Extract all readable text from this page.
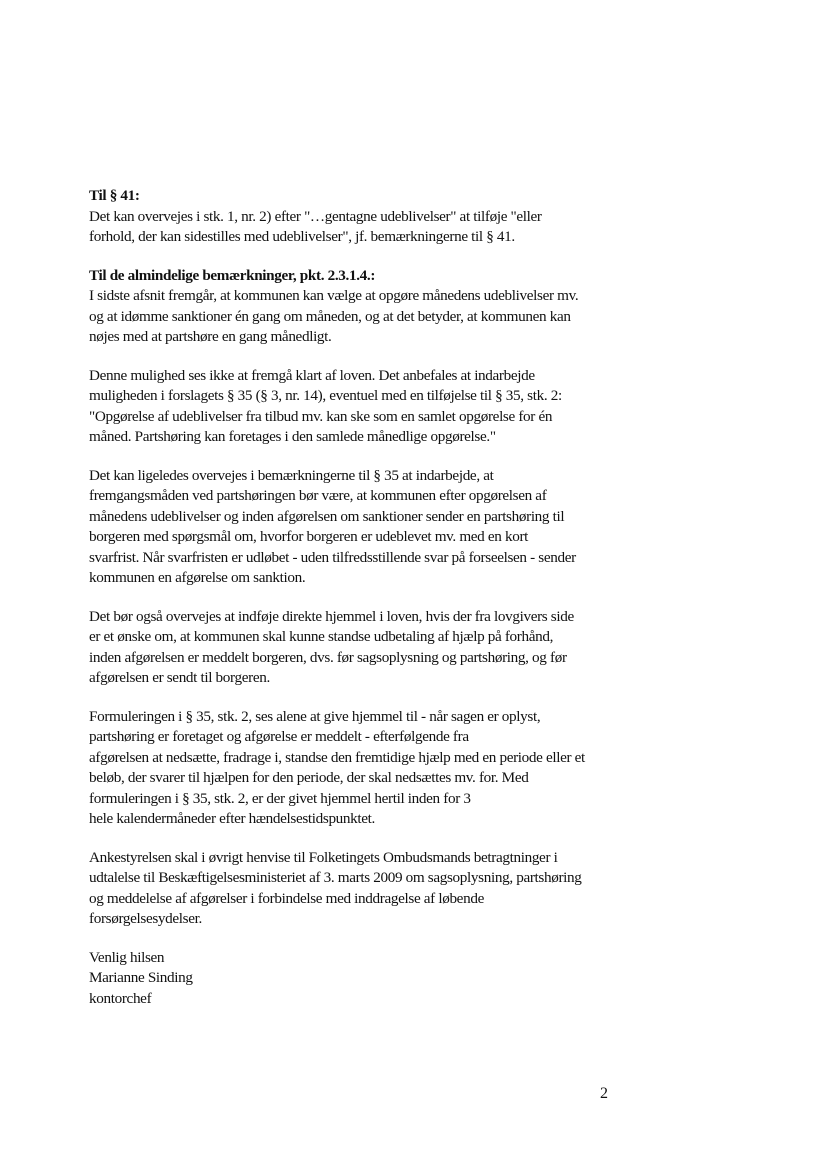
Til § 41:
Det kan overvejes i stk. 1, nr. 2) efter "…gentagne udeblivelser" at tilføje "eller
forhold, der kan sidestilles med udeblivelser", jf. bemærkningerne til § 41.
Til de almindelige bemærkninger, pkt. 2.3.1.4.:
I sidste afsnit fremgår, at kommunen kan vælge at opgøre månedens udeblivelser mv.
og at idømme sanktioner én gang om måneden, og at det betyder, at kommunen kan
nøjes med at partshøre en gang månedligt.
Denne mulighed ses ikke at fremgå klart af loven. Det anbefales at indarbejde
muligheden i forslagets § 35 (§ 3, nr. 14), eventuel med en tilføjelse til § 35, stk. 2:
"Opgørelse af udeblivelser fra tilbud mv. kan ske som en samlet opgørelse for én
måned. Partshøring kan foretages i den samlede månedlige opgørelse."
Det kan ligeledes overvejes i bemærkningerne til § 35 at indarbejde, at
fremgangsmåden ved partshøringen bør være, at kommunen efter opgørelsen af
månedens udeblivelser og inden afgørelsen om sanktioner sender en partshøring til
borgeren med spørgsmål om, hvorfor borgeren er udeblevet mv. med en kort
svarfrist. Når svarfristen er udløbet - uden tilfredsstillende svar på forseelsen - sender
kommunen en afgørelse om sanktion.
Det bør også overvejes at indføje direkte hjemmel i loven, hvis der fra lovgivers side
er et ønske om, at kommunen skal kunne standse udbetaling af hjælp på forhånd,
inden afgørelsen er meddelt borgeren, dvs. før sagsoplysning og partshøring, og før
afgørelsen er sendt til borgeren.
Formuleringen i § 35, stk. 2, ses alene at give hjemmel til - når sagen er oplyst,
partshøring er foretaget og afgørelse er meddelt - efterfølgende fra
afgørelsen at nedsætte, fradrage i, standse den fremtidige hjælp med en periode eller et
beløb, der svarer til hjælpen for den periode, der skal nedsættes mv. for. Med
formuleringen i § 35, stk. 2, er der givet hjemmel hertil inden for 3
hele kalendermåneder efter hændelsestidspunktet.
Ankestyrelsen skal i øvrigt henvise til Folketingets Ombudsmands betragtninger i
udtalelse til Beskæftigelsesministeriet af 3. marts 2009 om sagsoplysning, partshøring
og meddelelse af afgørelser i forbindelse med inddragelse af løbende
forsørgelsesydelser.
Venlig hilsen
Marianne Sinding
kontorchef
2
